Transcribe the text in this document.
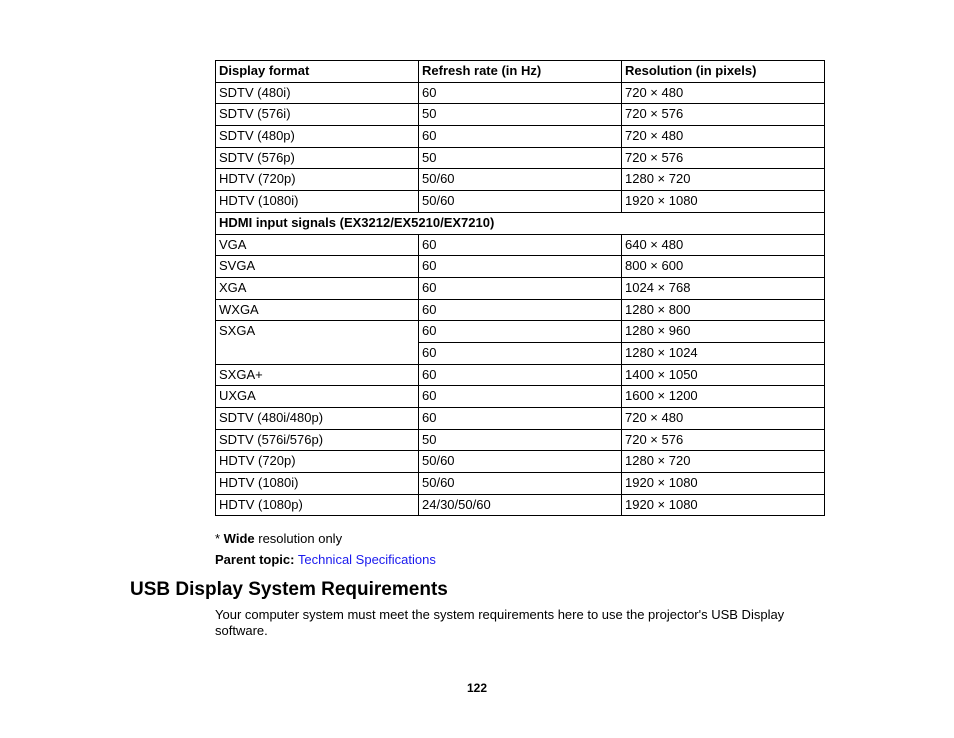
Display format	Refresh rate (in Hz)	Resolution (in pixels)
SDTV (480i)	60	720 × 480
SDTV (576i)	50	720 × 576
SDTV (480p)	60	720 × 480
SDTV (576p)	50	720 × 576
HDTV (720p)	50/60	1280 × 720
HDTV (1080i)	50/60	1920 × 1080
HDMI input signals (EX3212/EX5210/EX7210)		
VGA	60	640 × 480
SVGA	60	800 × 600
XGA	60	1024 × 768
WXGA	60	1280 × 800
SXGA	60	1280 × 960
	60	1280 × 1024
SXGA+	60	1400 × 1050
UXGA	60	1600 × 1200
SDTV (480i/480p)	60	720 × 480
SDTV (576i/576p)	50	720 × 576
HDTV (720p)	50/60	1280 × 720
HDTV (1080i)	50/60	1920 × 1080
HDTV (1080p)	24/30/50/60	1920 × 1080
* Wide resolution only
Parent topic: Technical Specifications
USB Display System Requirements

Your computer system must meet the system requirements here to use the projector's USB Display software.

122
